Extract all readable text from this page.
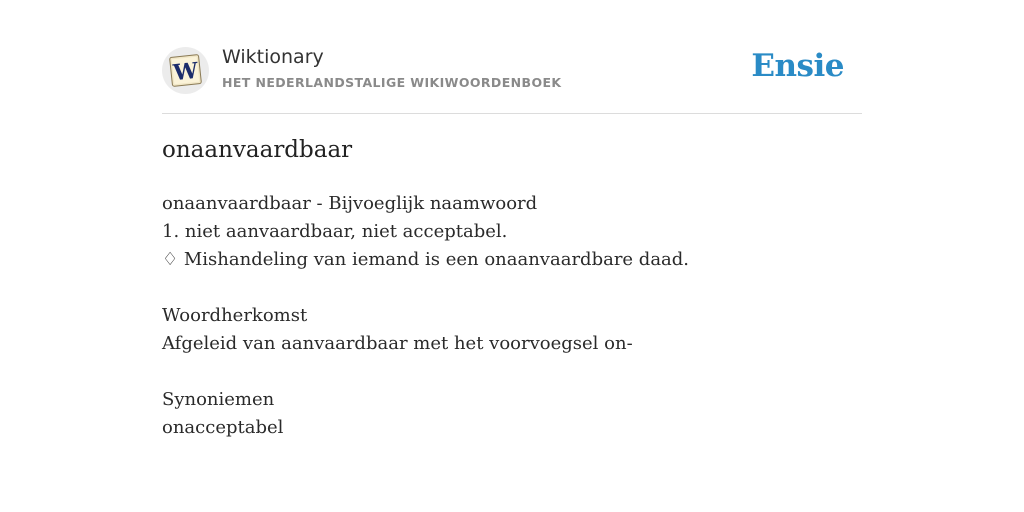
W
Wiktionary
HET NEDERLANDSTALIGE WIKIWOORDENBOEK	Ensie
onaanvaardbaar
onaanvaardbaar - Bijvoeglijk naamwoord
1. niet aanvaardbaar, niet acceptabel.
♢ Mishandeling van iemand is een onaanvaardbare daad.
Woordherkomst
Afgeleid van aanvaardbaar met het voorvoegsel on-
Synoniemen
onacceptabel
